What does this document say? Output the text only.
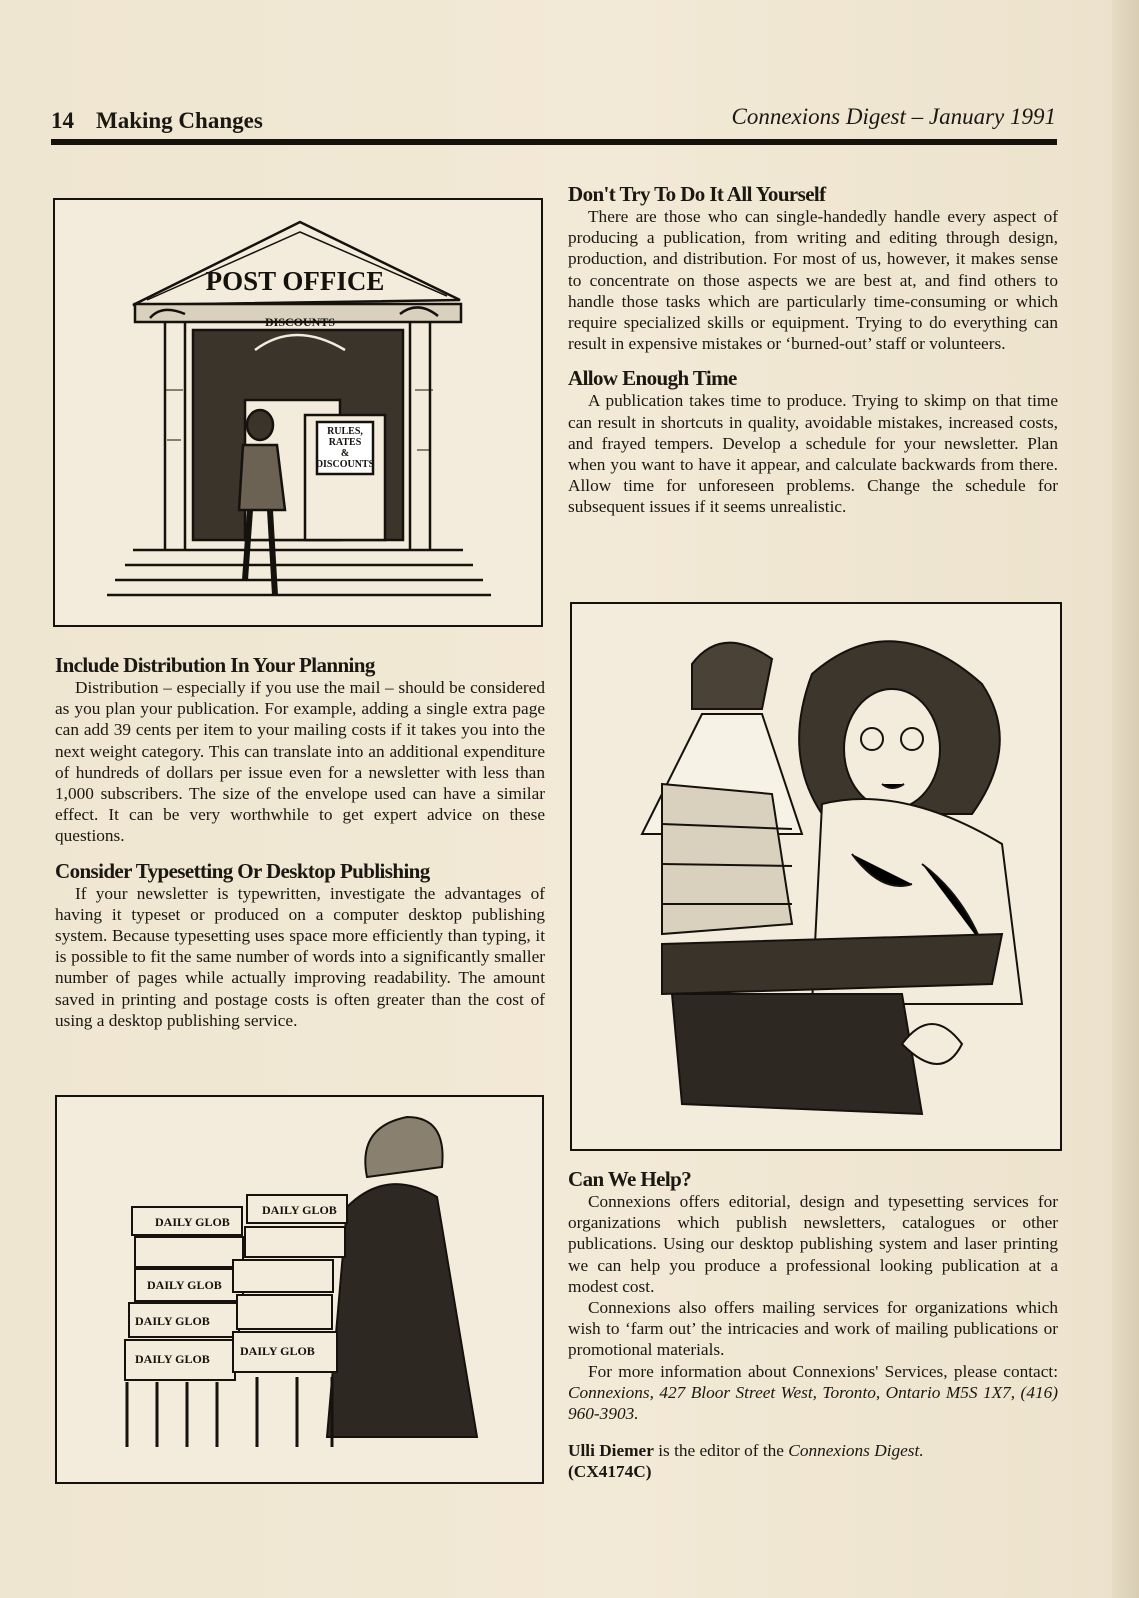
14 Making Changes	Connexions Digest – January 1991
POST OFFICE
DISCOUNTS
RULES,
RATES
&
DISCOUNTS
Include Distribution In Your Planning

Distribution – especially if you use the mail – should be considered as you plan your publication. For example, adding a single extra page can add 39 cents per item to your mailing costs if it takes you into the next weight category. This can translate into an additional expenditure of hundreds of dollars per issue even for a newsletter with less than 1,000 subscribers. The size of the envelope used can have a similar effect. It can be very worthwhile to get expert advice on these questions.

Consider Typesetting Or Desktop Publishing

If your newsletter is typewritten, investigate the advantages of having it typeset or produced on a computer desktop publishing system. Because typesetting uses space more efficiently than typing, it is possible to fit the same number of words into a significantly smaller number of pages while actually improving readability. The amount saved in printing and postage costs is often greater than the cost of using a desktop publishing service.

DAILY GLOB
DAILY GLOB
DAILY GLOB
DAILY GLOB
DAILY GLOB
DAILY GLOB
Don't Try To Do It All Yourself

There are those who can single-handedly handle every aspect of producing a publication, from writing and editing through design, production, and distribution. For most of us, however, it makes sense to concentrate on those aspects we are best at, and find others to handle those tasks which are particularly time-consuming or which require specialized skills or equipment. Trying to do everything can result in expensive mistakes or ‘burned-out’ staff or volunteers.

Allow Enough Time

A publication takes time to produce. Trying to skimp on that time can result in shortcuts in quality, avoidable mistakes, increased costs, and frayed tempers. Develop a schedule for your newsletter. Plan when you want to have it appear, and calculate backwards from there. Allow time for unforeseen problems. Change the schedule for subsequent issues if it seems unrealistic.

Can We Help?

Connexions offers editorial, design and typesetting services for organizations which publish newsletters, catalogues or other publications. Using our desktop publishing system and laser printing we can help you produce a professional looking publication at a modest cost.

Connexions also offers mailing services for organizations which wish to ‘farm out’ the intricacies and work of mailing publications or promotional materials.

For more information about Connexions' Services, please contact: Connexions, 427 Bloor Street West, Toronto, Ontario M5S 1X7, (416) 960-3903.

Ulli Diemer is the editor of the Connexions Digest.

(CX4174C)
